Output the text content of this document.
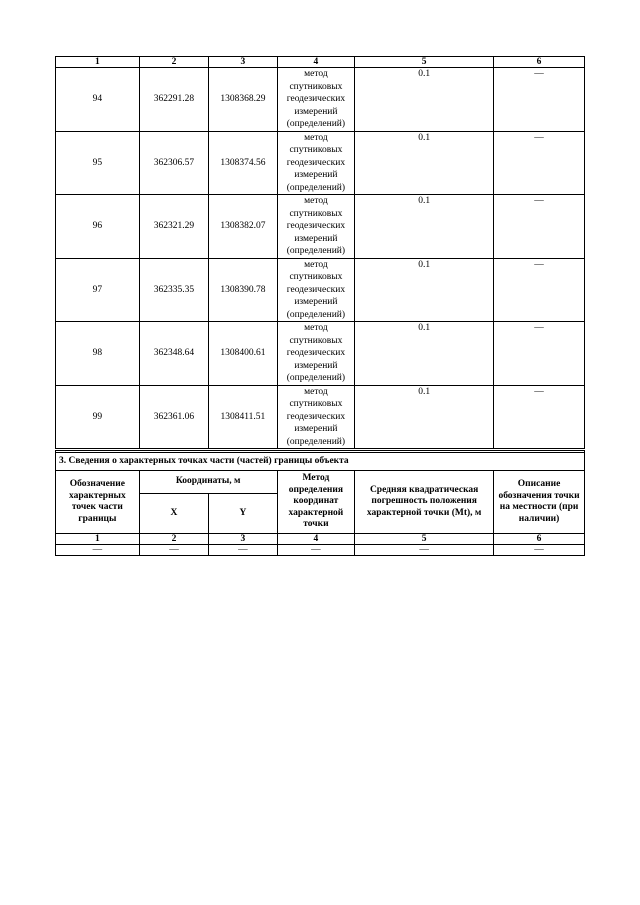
1	2	3	4	5	6
94	362291.28	1308368.29	метод спутниковых геодезических измерений (определений)	0.1	—
95	362306.57	1308374.56	метод спутниковых геодезических измерений (определений)	0.1	—
96	362321.29	1308382.07	метод спутниковых геодезических измерений (определений)	0.1	—
97	362335.35	1308390.78	метод спутниковых геодезических измерений (определений)	0.1	—
98	362348.64	1308400.61	метод спутниковых геодезических измерений (определений)	0.1	—
99	362361.06	1308411.51	метод спутниковых геодезических измерений (определений)	0.1	—

3. Сведения о характерных точках части (частей) границы объекта					
Обозначение характерных точек части границы	Координаты, м		Метод определения координат характерной точки	Средняя квадратическая погрешность положения характерной точки (Mt), м	Описание обозначения точки на местности (при наличии)
	X	Y			
1	2	3	4	5	6
—	—	—	—	—	—
